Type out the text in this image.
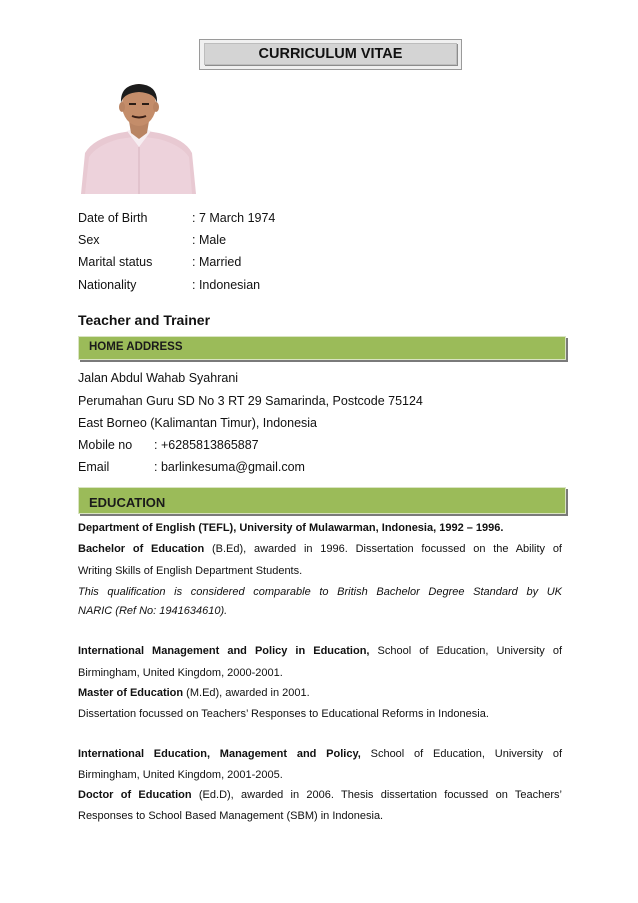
CURRICULUM VITAE
Date of Birth	: 7 March 1974
Sex	: Male
Marital status	: Married
Nationality	: Indonesian
Teacher and Trainer
HOME ADDRESS
Jalan Abdul Wahab Syahrani
Perumahan Guru SD No 3 RT 29 Samarinda, Postcode 75124
East Borneo (Kalimantan Timur), Indonesia
Mobile no : +6285813865887
Email	: barlinkesuma@gmail.com
EDUCATION
Department of English (TEFL), University of Mulawarman, Indonesia, 1992 – 1996.
Bachelor of Education (B.Ed), awarded in 1996. Dissertation focussed on the Ability of
Writing Skills of English Department Students.
This qualification is considered comparable to British Bachelor Degree Standard by UK
NARIC (Ref No: 1941634610).
International Management and Policy in Education, School of Education, University of
Birmingham, United Kingdom, 2000-2001.
Master of Education (M.Ed), awarded in 2001.
Dissertation focussed on Teachers’ Responses to Educational Reforms in Indonesia.
International Education, Management and Policy, School of Education, University of
Birmingham, United Kingdom, 2001-2005.
Doctor of Education (Ed.D), awarded in 2006. Thesis dissertation focussed on Teachers’
Responses to School Based Management (SBM) in Indonesia.
